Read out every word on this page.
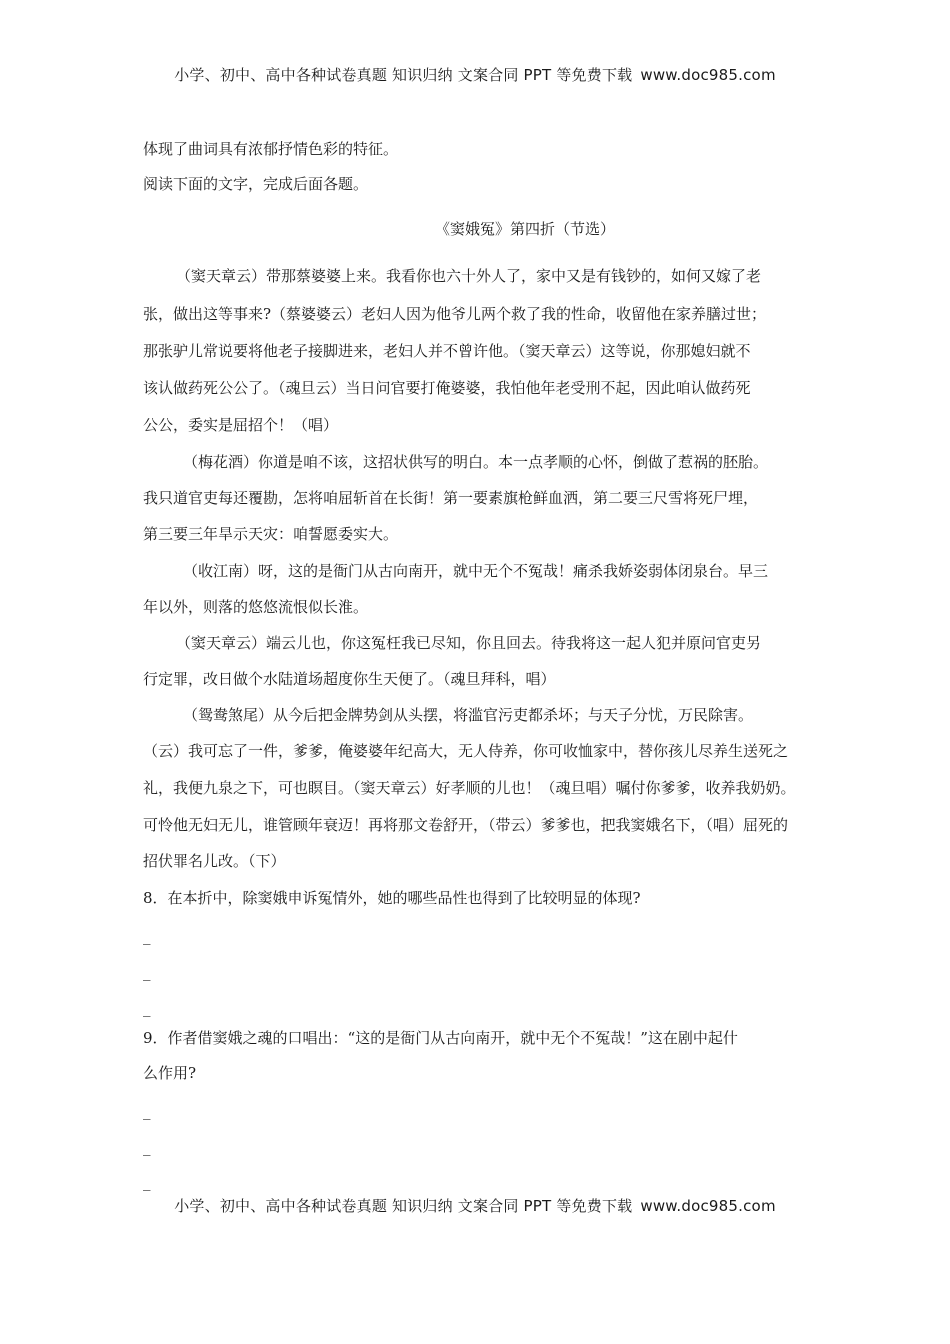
小学、初中、高中各种试卷真题 知识归纳 文案合同 PPT 等免费下载 www.doc985.com
体现了曲词具有浓郁抒情色彩的特征。
阅读下面的文字，完成后面各题。
《窦娥冤》第四折（节选）
（窦天章云）带那蔡婆婆上来。我看你也六十外人了，家中又是有钱钞的，如何又嫁了老
张，做出这等事来?（蔡婆婆云）老妇人因为他爷儿两个救了我的性命，收留他在家养膳过世；
那张驴儿常说要将他老子接脚进来，老妇人并不曾许他。（窦天章云）这等说，你那媳妇就不
该认做药死公公了。（魂旦云）当日问官要打俺婆婆，我怕他年老受刑不起，因此咱认做药死
公公，委实是屈招个！（唱）
（梅花酒）你道是咱不该，这招状供写的明白。本一点孝顺的心怀，倒做了惹祸的胚胎。
我只道官吏每还覆勘，怎将咱屈斩首在长街！第一要素旗枪鲜血洒，第二要三尺雪将死尸埋，
第三要三年旱示天灾：咱誓愿委实大。
（收江南）呀，这的是衙门从古向南开，就中无个不冤哉！痛杀我娇姿弱体闭泉台。早三
年以外，则落的悠悠流恨似长淮。
（窦天章云）端云儿也，你这冤枉我已尽知，你且回去。待我将这一起人犯并原问官吏另
行定罪，改日做个水陆道场超度你生天便了。（魂旦拜科，唱）
（鸳鸯煞尾）从今后把金牌势剑从头摆，将滥官污吏都杀坏；与天子分忧，万民除害。
（云）我可忘了一件，爹爹，俺婆婆年纪高大，无人侍养，你可收恤家中，替你孩儿尽养生送死之
礼，我便九泉之下，可也瞑目。（窦天章云）好孝顺的儿也！（魂旦唱）嘱付你爹爹，收养我奶奶。
可怜他无妇无儿，谁管顾年衰迈！再将那文卷舒开，（带云）爹爹也，把我窦娥名下，（唱）屈死的
招伏罪名儿改。（下）
8．在本折中，除窦娥申诉冤情外，她的哪些品性也得到了比较明显的体现?
_
_
_
9．作者借窦娥之魂的口唱出：“这的是衙门从古向南开，就中无个不冤哉！”这在剧中起什
么作用?
_
_
_
小学、初中、高中各种试卷真题 知识归纳 文案合同 PPT 等免费下载 www.doc985.com
